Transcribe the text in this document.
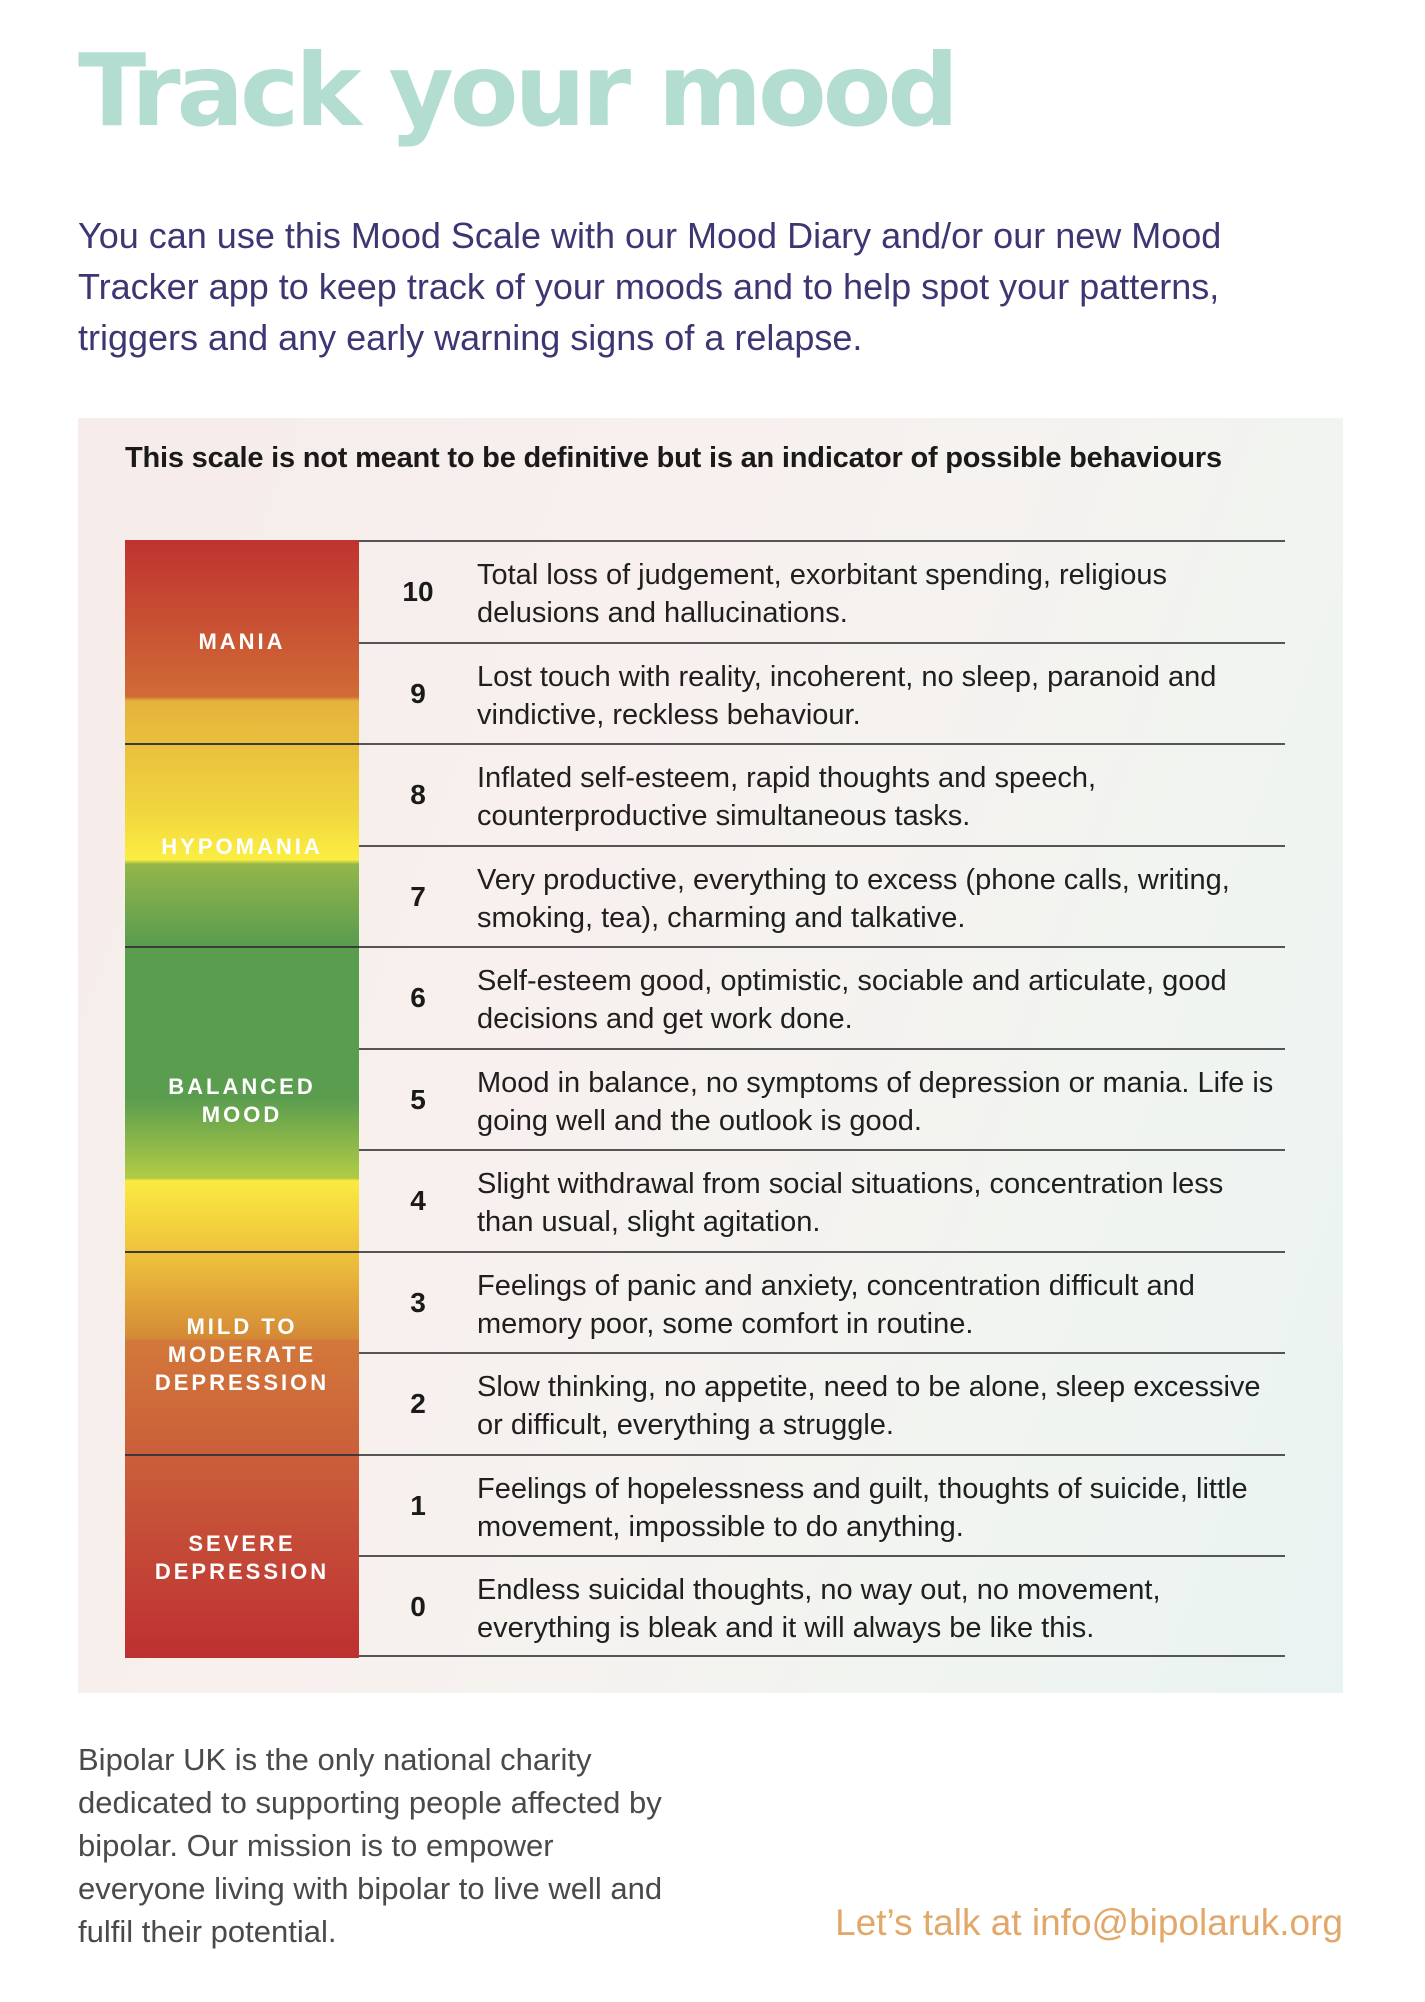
Track your mood

You can use this Mood Scale with our Mood Diary and/or our new Mood Tracker app to keep track of your moods and to help spot your patterns, triggers and any early warning signs of a relapse.

This scale is not meant to be definitive but is an indicator of possible behaviours

MANIA
HYPOMANIA
BALANCED
MOOD
MILD TO
MODERATE
DEPRESSION
SEVERE
DEPRESSION
10
Total loss of judgement, exorbitant spending, religious delusions and hallucinations.
9
Lost touch with reality, incoherent, no sleep, paranoid and vindictive, reckless behaviour.
8
Inflated self-esteem, rapid thoughts and speech, counterproductive simultaneous tasks.
7
Very productive, everything to excess (phone calls, writing, smoking, tea), charming and talkative.
6
Self-esteem good, optimistic, sociable and articulate, good decisions and get work done.
5
Mood in balance, no symptoms of depression or mania. Life is going well and the outlook is good.
4
Slight withdrawal from social situations, concentration less than usual, slight agitation.
3
Feelings of panic and anxiety, concentration difficult and memory poor, some comfort in routine.
2
Slow thinking, no appetite, need to be alone, sleep excessive or difficult, everything a struggle.
1
Feelings of hopelessness and guilt, thoughts of suicide, little movement, impossible to do anything.
0
Endless suicidal thoughts, no way out, no movement, everything is bleak and it will always be like this.

Bipolar UK is the only national charity dedicated to supporting people affected by bipolar. Our mission is to empower everyone living with bipolar to live well and fulfil their potential.	Let’s talk at info@bipolaruk.org
